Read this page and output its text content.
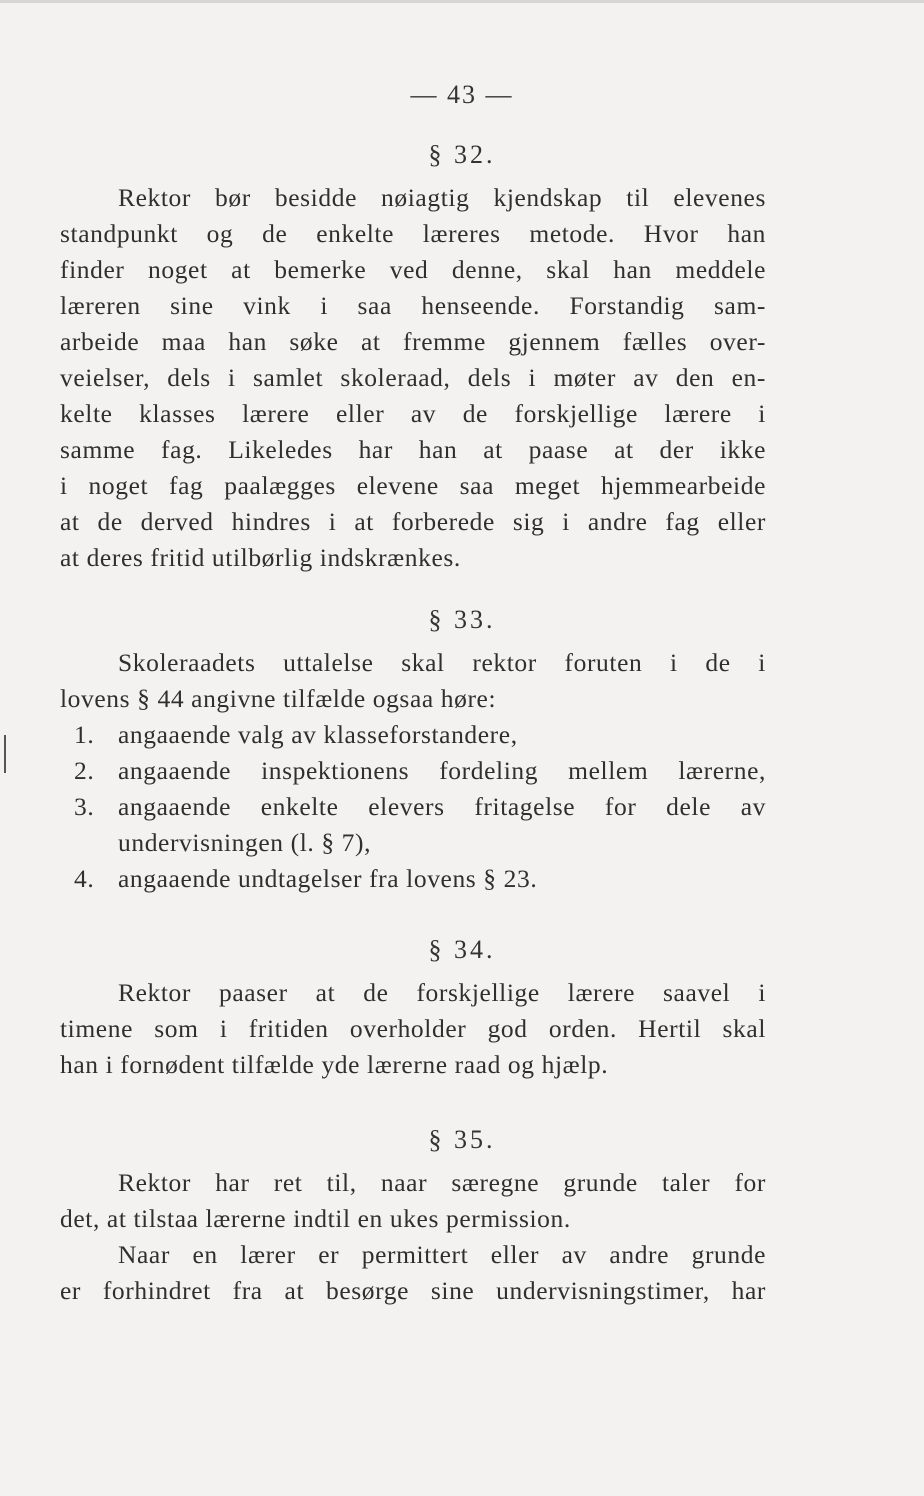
— 43 —
§ 32.
Rektor bør besidde nøiagtig kjendskap til elevenes
standpunkt og de enkelte læreres metode. Hvor han
finder noget at bemerke ved denne, skal han meddele
læreren sine vink i saa henseende. Forstandig sam-
arbeide maa han søke at fremme gjennem fælles over-
veielser, dels i samlet skoleraad, dels i møter av den en-
kelte klasses lærere eller av de forskjellige lærere i
samme fag. Likeledes har han at paase at der ikke
i noget fag paalægges elevene saa meget hjemmearbeide
at de derved hindres i at forberede sig i andre fag eller
at deres fritid utilbørlig indskrænkes.
§ 33.
Skoleraadets uttalelse skal rektor foruten i de i
lovens § 44 angivne tilfælde ogsaa høre:
1. angaaende valg av klasseforstandere,
2. angaaende inspektionens fordeling mellem lærerne,
3. angaaende enkelte elevers fritagelse for dele av
undervisningen (l. § 7),
4. angaaende undtagelser fra lovens § 23.
§ 34.
Rektor paaser at de forskjellige lærere saavel i
timene som i fritiden overholder god orden. Hertil skal
han i fornødent tilfælde yde lærerne raad og hjælp.
§ 35.
Rektor har ret til, naar særegne grunde taler for
det, at tilstaa lærerne indtil en ukes permission.
Naar en lærer er permittert eller av andre grunde
er forhindret fra at besørge sine undervisningstimer, har
